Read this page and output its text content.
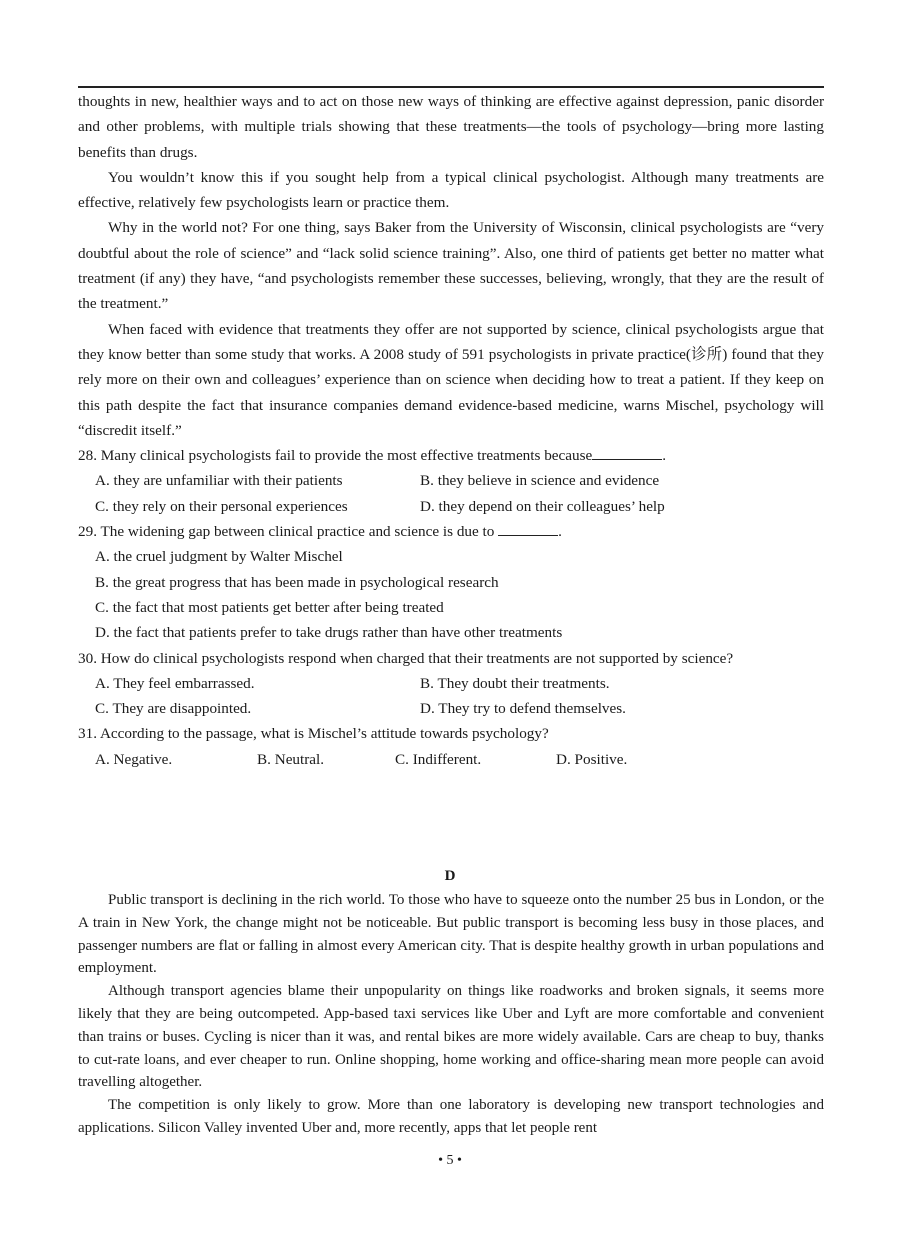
thoughts in new, healthier ways and to act on those new ways of thinking are effective against depression, panic disorder and other problems, with multiple trials showing that these treatments—the tools of psychology—bring more lasting benefits than drugs.

You wouldn’t know this if you sought help from a typical clinical psychologist. Although many treatments are effective, relatively few psychologists learn or practice them.

Why in the world not? For one thing, says Baker from the University of Wisconsin, clinical psychologists are “very doubtful about the role of science” and “lack solid science training”. Also, one third of patients get better no matter what treatment (if any) they have, “and psychologists remember these successes, believing, wrongly, that they are the result of the treatment.”

When faced with evidence that treatments they offer are not supported by science, clinical psychologists argue that they know better than some study that works. A 2008 study of 591 psychologists in private practice(诊所) found that they rely more on their own and colleagues’ experience than on science when deciding how to treat a patient. If they keep on this path despite the fact that insurance companies demand evidence-based medicine, warns Mischel, psychology will “discredit itself.”

28. Many clinical psychologists fail to provide the most effective treatments because	.

A. they are unfamiliar with their patients	B. they believe in science and evidence
C. they rely on their personal experiences	D. they depend on their colleagues’ help

29. The widening gap between clinical practice and science is due to	.

A. the cruel judgment by Walter Mischel
B. the great progress that has been made in psychological research
C. the fact that most patients get better after being treated
D. the fact that patients prefer to take drugs rather than have other treatments

30. How do clinical psychologists respond when charged that their treatments are not supported by science?

A. They feel embarrassed.	B. They doubt their treatments.
C. They are disappointed.	D. They try to defend themselves.

31. According to the passage, what is Mischel’s attitude towards psychology?

A. Negative.	B. Neutral.	C. Indifferent.	D. Positive.
D

Public transport is declining in the rich world. To those who have to squeeze onto the number 25 bus in London, or the A train in New York, the change might not be noticeable. But public transport is becoming less busy in those places, and passenger numbers are flat or falling in almost every American city. That is despite healthy growth in urban populations and employment.

Although transport agencies blame their unpopularity on things like roadworks and broken signals, it seems more likely that they are being outcompeted. App-based taxi services like Uber and Lyft are more comfortable and convenient than trains or buses. Cycling is nicer than it was, and rental bikes are more widely available. Cars are cheap to buy, thanks to cut-rate loans, and ever cheaper to run. Online shopping, home working and office-sharing mean more people can avoid travelling altogether.

The competition is only likely to grow. More than one laboratory is developing new transport technologies and applications. Silicon Valley invented Uber and, more recently, apps that let people rent

• 5 •
